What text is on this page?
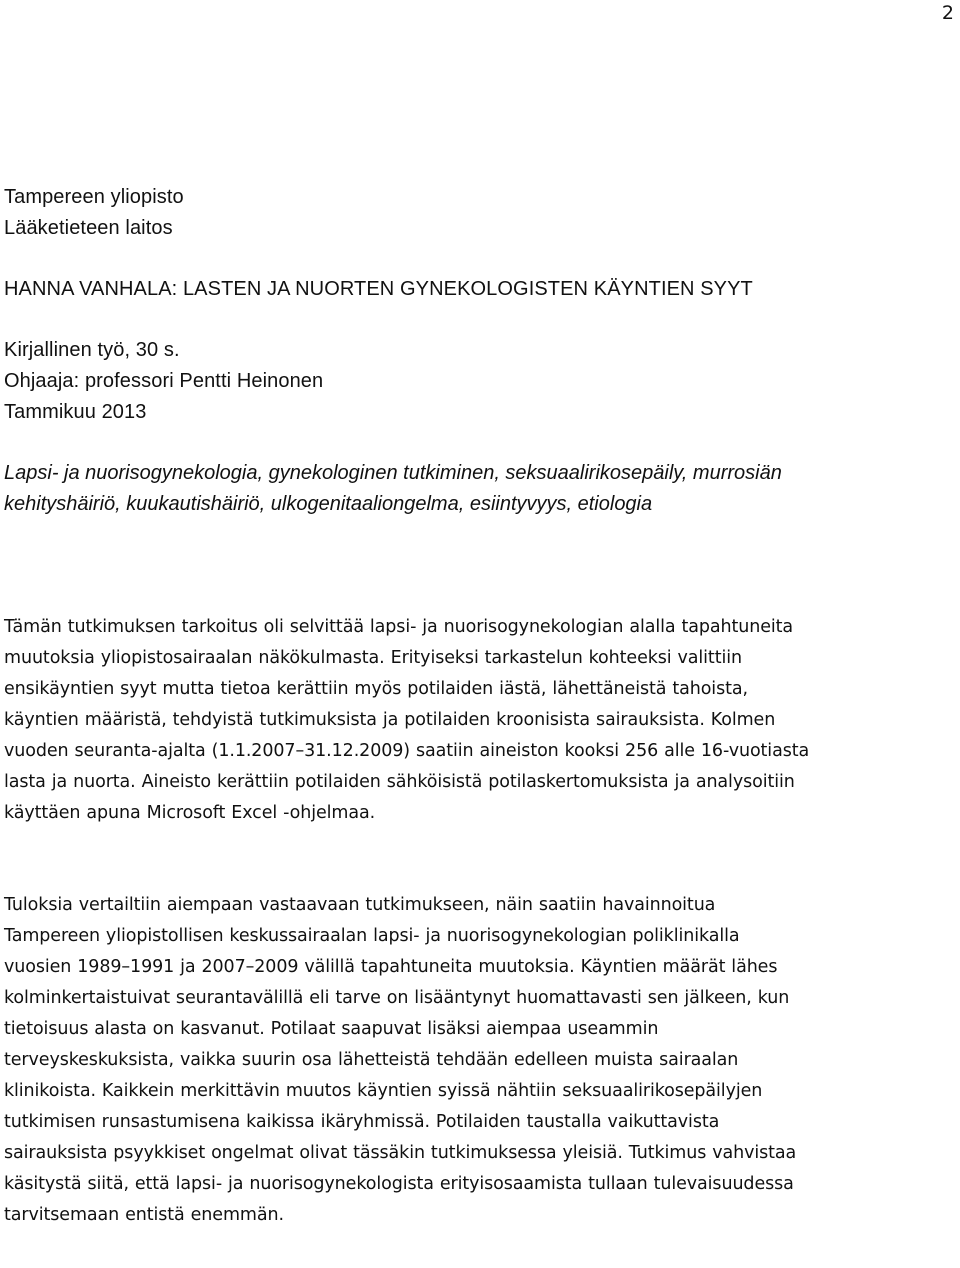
2

Tampereen yliopisto

Lääketieteen laitos

HANNA VANHALA: LASTEN JA NUORTEN GYNEKOLOGISTEN KÄYNTIEN SYYT

Kirjallinen työ, 30 s.

Ohjaaja: professori Pentti Heinonen

Tammikuu 2013

Lapsi- ja nuorisogynekologia, gynekologinen tutkiminen, seksuaalirikosepäily, murrosiän

kehityshäiriö, kuukautishäiriö, ulkogenitaaliongelma, esiintyvyys, etiologia

Tämän tutkimuksen tarkoitus oli selvittää lapsi- ja nuorisogynekologian alalla tapahtuneita

muutoksia yliopistosairaalan näkökulmasta. Erityiseksi tarkastelun kohteeksi valittiin

ensikäyntien syyt mutta tietoa kerättiin myös potilaiden iästä, lähettäneistä tahoista,

käyntien määristä, tehdyistä tutkimuksista ja potilaiden kroonisista sairauksista. Kolmen

vuoden seuranta-ajalta (1.1.2007–31.12.2009) saatiin aineiston kooksi 256 alle 16-vuotiasta

lasta ja nuorta. Aineisto kerättiin potilaiden sähköisistä potilaskertomuksista ja analysoitiin

käyttäen apuna Microsoft Excel -ohjelmaa.

Tuloksia vertailtiin aiempaan vastaavaan tutkimukseen, näin saatiin havainnoitua

Tampereen yliopistollisen keskussairaalan lapsi- ja nuorisogynekologian poliklinikalla

vuosien 1989–1991 ja 2007–2009 välillä tapahtuneita muutoksia. Käyntien määrät lähes

kolminkertaistuivat seurantavälillä eli tarve on lisääntynyt huomattavasti sen jälkeen, kun

tietoisuus alasta on kasvanut. Potilaat saapuvat lisäksi aiempaa useammin

terveyskeskuksista, vaikka suurin osa lähetteistä tehdään edelleen muista sairaalan

klinikoista. Kaikkein merkittävin muutos käyntien syissä nähtiin seksuaalirikosepäilyjen

tutkimisen runsastumisena kaikissa ikäryhmissä. Potilaiden taustalla vaikuttavista

sairauksista psyykkiset ongelmat olivat tässäkin tutkimuksessa yleisiä. Tutkimus vahvistaa

käsitystä siitä, että lapsi- ja nuorisogynekologista erityisosaamista tullaan tulevaisuudessa

tarvitsemaan entistä enemmän.
